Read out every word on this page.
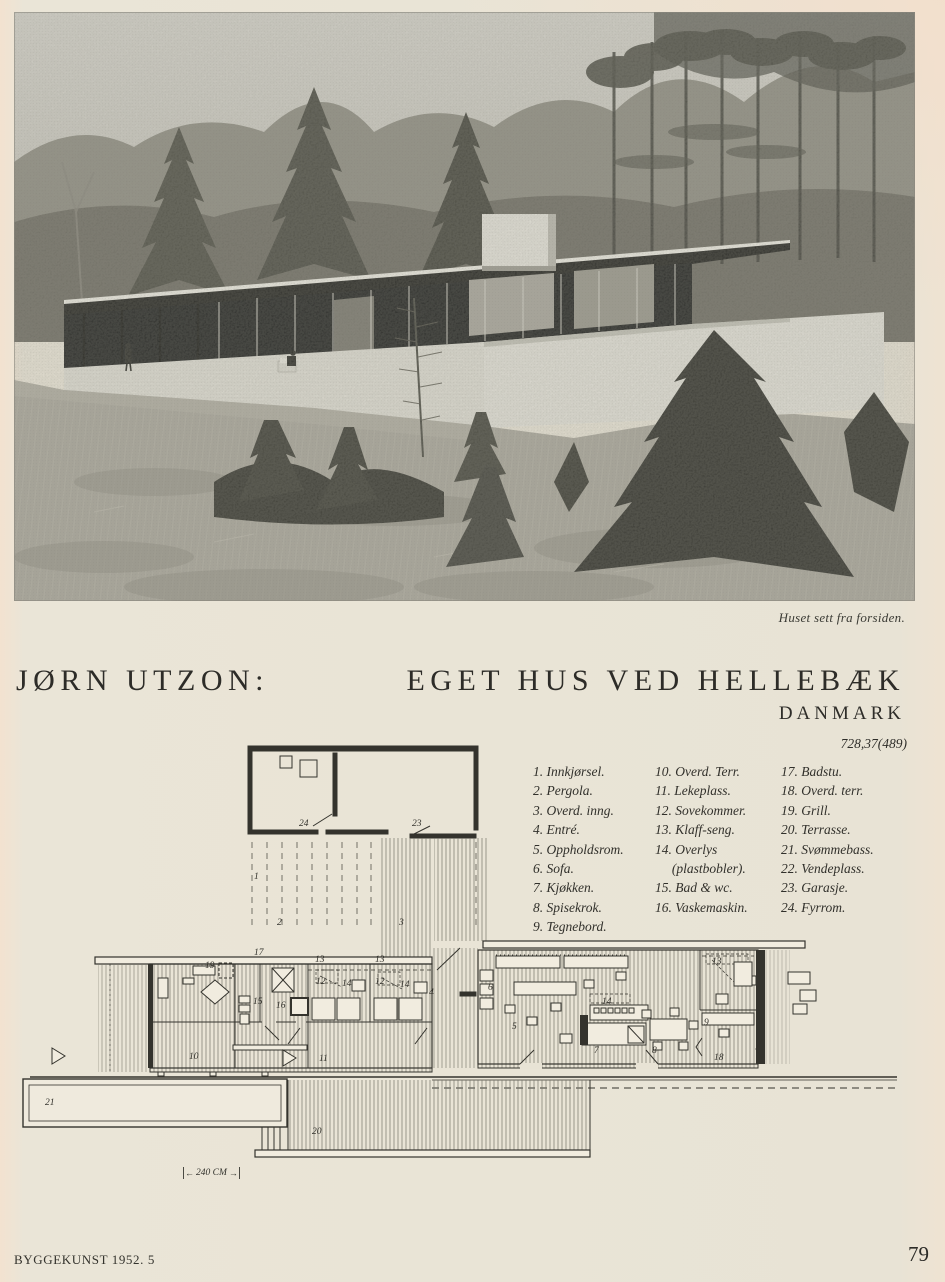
Huset sett fra forsiden.
JØRN UTZON:	EGET HUS VED HELLEBÆK
DANMARK
728,37(489)
1. Innkjørsel.
2. Pergola.
3. Overd. inng.
4. Entré.
5. Oppholdsrom.
6. Sofa.
7. Kjøkken.
8. Spisekrok.
9. Tegnebord.
10. Overd. Terr.
11. Lekeplass.
12. Sovekommer.
13. Klaff-seng.
14. Overlys
(plastbobler).
15. Bad & wc.
16. Vaskemaskin.
17. Badstu.
18. Overd. terr.
19. Grill.
20. Terrasse.
21. Svømmebass.
22. Vendeplass.
23. Garasje.
24. Fyrrom.
1
2	3
24	23
19
17
15 16
13
12 14
13
12 14
4	6
5
14
7	8
9
13
18
10	11
20
21
← 240 CM
→
BYGGEKUNST 1952. 5	79
